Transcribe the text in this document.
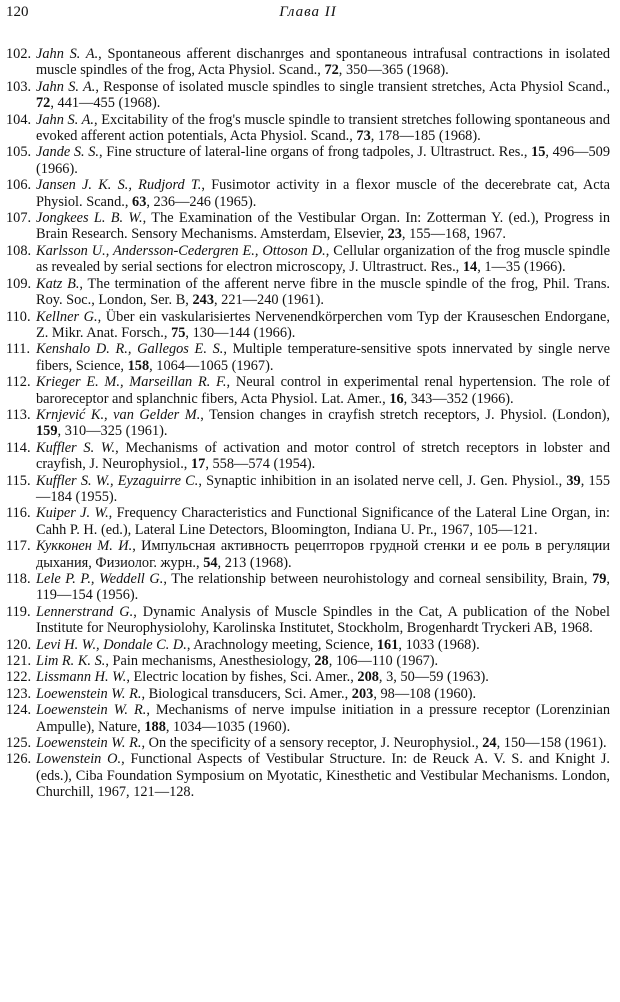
120	Глава II
102. Jahn S. A., Spontaneous afferent dischanrges and spontaneous intrafusal contractions in isolated muscle spindles of the frog, Acta Physiol. Scand., 72, 350—365 (1968).
103. Jahn S. A., Response of isolated muscle spindles to single transient stretches, Acta Physiol Scand., 72, 441—455 (1968).
104. Jahn S. A., Excitability of the frog's muscle spindle to transient stretches following spontaneous and evoked afferent action potentials, Acta Physiol. Scand., 73, 178—185 (1968).
105. Jande S. S., Fine structure of lateral-line organs of frong tadpoles, J. Ultrastruct. Res., 15, 496—509 (1966).
106. Jansen J. K. S., Rudjord T., Fusimotor activity in a flexor muscle of the decerebrate cat, Acta Physiol. Scand., 63, 236—246 (1965).
107. Jongkees L. B. W., The Examination of the Vestibular Organ. In: Zotterman Y. (ed.), Progress in Brain Research. Sensory Mechanisms. Amsterdam, Elsevier, 23, 155—168, 1967.
108. Karlsson U., Andersson-Cedergren E., Ottoson D., Cellular organization of the frog muscle spindle as revealed by serial sections for electron microscopy, J. Ultrastruct. Res., 14, 1—35 (1966).
109. Katz B., The termination of the afferent nerve fibre in the muscle spindle of the frog, Phil. Trans. Roy. Soc., London, Ser. B, 243, 221—240 (1961).
110. Kellner G., Über ein vaskularisiertes Nervenendkörperchen vom Typ der Krauseschen Endorgane, Z. Mikr. Anat. Forsch., 75, 130—144 (1966).
111. Kenshalo D. R., Gallegos E. S., Multiple temperature-sensitive spots innervated by single nerve fibers, Science, 158, 1064—1065 (1967).
112. Krieger E. M., Marseillan R. F., Neural control in experimental renal hypertension. The role of baroreceptor and splanchnic fibers, Acta Physiol. Lat. Amer., 16, 343—352 (1966).
113. Krnjević K., van Gelder M., Tension changes in crayfish stretch receptors, J. Physiol. (London), 159, 310—325 (1961).
114. Kuffler S. W., Mechanisms of activation and motor control of stretch receptors in lobster and crayfish, J. Neurophysiol., 17, 558—574 (1954).
115. Kuffler S. W., Eyzaguirre C., Synaptic inhibition in an isolated nerve cell, J. Gen. Physiol., 39, 155—184 (1955).
116. Kuiper J. W., Frequency Characteristics and Functional Significance of the Lateral Line Organ, in: Cahh P. H. (ed.), Lateral Line Detectors, Bloomington, Indiana U. Pr., 1967, 105—121.
117. Кукконен М. И., Импульсная активность рецепторов грудной стенки и ее роль в регуляции дыхания, Физиолог. журн., 54, 213 (1968).
118. Lele P. P., Weddell G., The relationship between neurohistology and corneal sensibility, Brain, 79, 119—154 (1956).
119. Lennerstrand G., Dynamic Analysis of Muscle Spindles in the Cat, A publication of the Nobel Institute for Neurophysiolohy, Karolinska Institutet, Stockholm, Brogenhardt Tryckeri AB, 1968.
120. Levi H. W., Dondale C. D., Arachnology meeting, Science, 161, 1033 (1968).
121. Lim R. K. S., Pain mechanisms, Anesthesiology, 28, 106—110 (1967).
122. Lissmann H. W., Electric location by fishes, Sci. Amer., 208, 3, 50—59 (1963).
123. Loewenstein W. R., Biological transducers, Sci. Amer., 203, 98—108 (1960).
124. Loewenstein W. R., Mechanisms of nerve impulse initiation in a pressure receptor (Lorenzinian Ampulle), Nature, 188, 1034—1035 (1960).
125. Loewenstein W. R., On the specificity of a sensory receptor, J. Neurophysiol., 24, 150—158 (1961).
126. Lowenstein O., Functional Aspects of Vestibular Structure. In: de Reuck A. V. S. and Knight J. (eds.), Ciba Foundation Symposium on Myotatic, Kinesthetic and Vestibular Mechanisms. London, Churchill, 1967, 121—128.
